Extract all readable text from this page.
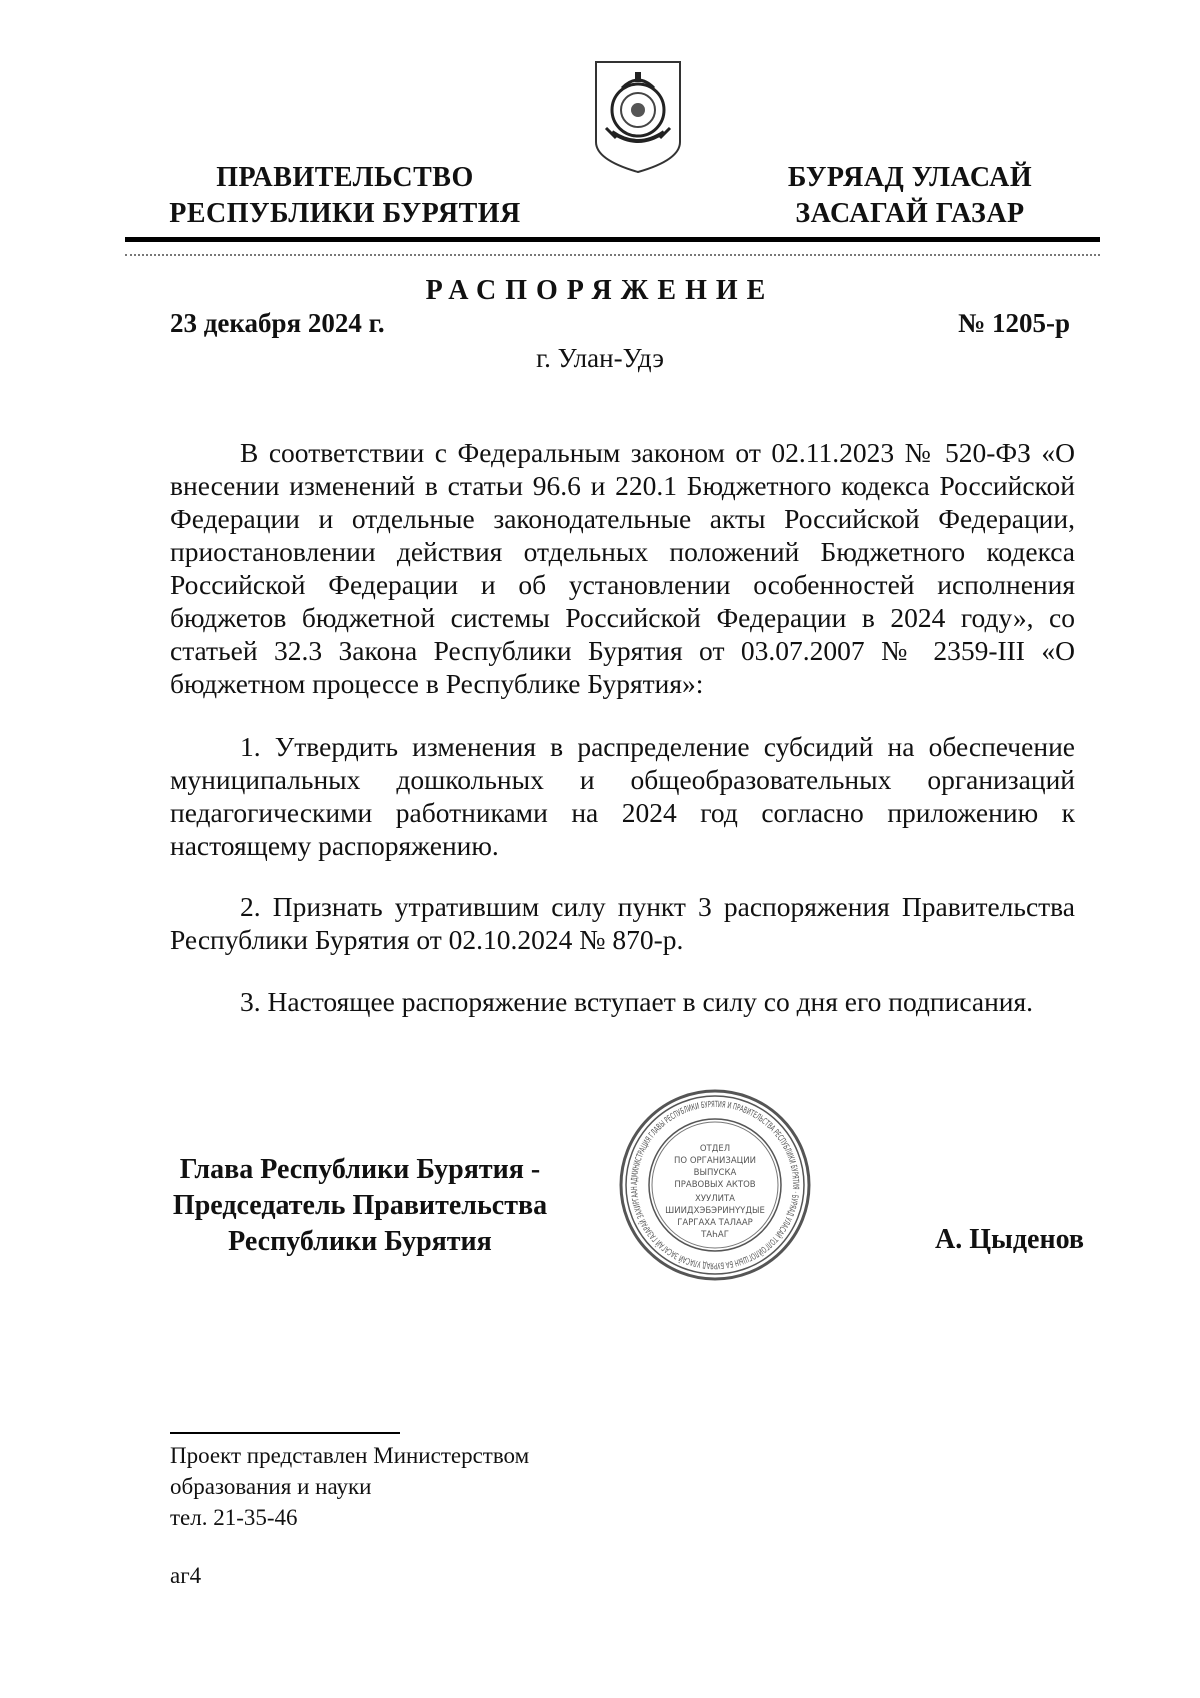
ПРАВИТЕЛЬСТВО
РЕСПУБЛИКИ БУРЯТИЯ
БУРЯАД УЛАСАЙ
ЗАСАГАЙ ГАЗАР
РАСПОРЯЖЕНИЕ
23 декабря 2024 г.	№ 1205-р
г. Улан-Удэ

В соответствии с Федеральным законом от 02.11.2023 № 520-ФЗ «О внесении изменений в статьи 96.6 и 220.1 Бюджетного кодекса Российской Федерации и отдельные законодательные акты Российской Федерации, приостановлении действия отдельных положений Бюджетного кодекса Российской Федерации и об установлении особенностей исполнения бюджетов бюджетной системы Российской Федерации в 2024 году», со статьей 32.3 Закона Республики Бурятия от 03.07.2007 № 2359-III «О бюджетном процессе в Республике Бурятия»:

1. Утвердить изменения в распределение субсидий на обеспечение муниципальных дошкольных и общеобразовательных организаций педагогическими работниками на 2024 год согласно приложению к настоящему распоряжению.

2. Признать утратившим силу пункт 3 распоряжения Правительства Республики Бурятия от 02.10.2024 № 870-р.

3. Настоящее распоряжение вступает в силу со дня его подписания.

Глава Республики Бурятия -
Председатель Правительства
Республики Бурятия
АДМИНИСТРАЦИЯ ГЛАВЫ РЕСПУБЛИКИ БУРЯТИЯ И ПРАВИТЕЛЬСТВА РЕСПУБЛИКИ БУРЯТИЯ · БУРЯАД УЛАСАЙ ТОЛГОЙЛОГШЫН БА БУРЯАД УЛАСАЙ ЗАСАГАЙ ГАЗАРАЙ ЗАХИРГААН
ОТДЕЛ
ПО ОРГАНИЗАЦИИ
ВЫПУСКА
ПРАВОВЫХ АКТОВ
ХУУЛИТА
ШИИДХЭБЭРИНҮҮДЫЕ
ГАРГАХА ТАЛААР
ТАҺАГ	А. Цыденов
Проект представлен Министерством
образования и науки
тел. 21-35-46
аг4
